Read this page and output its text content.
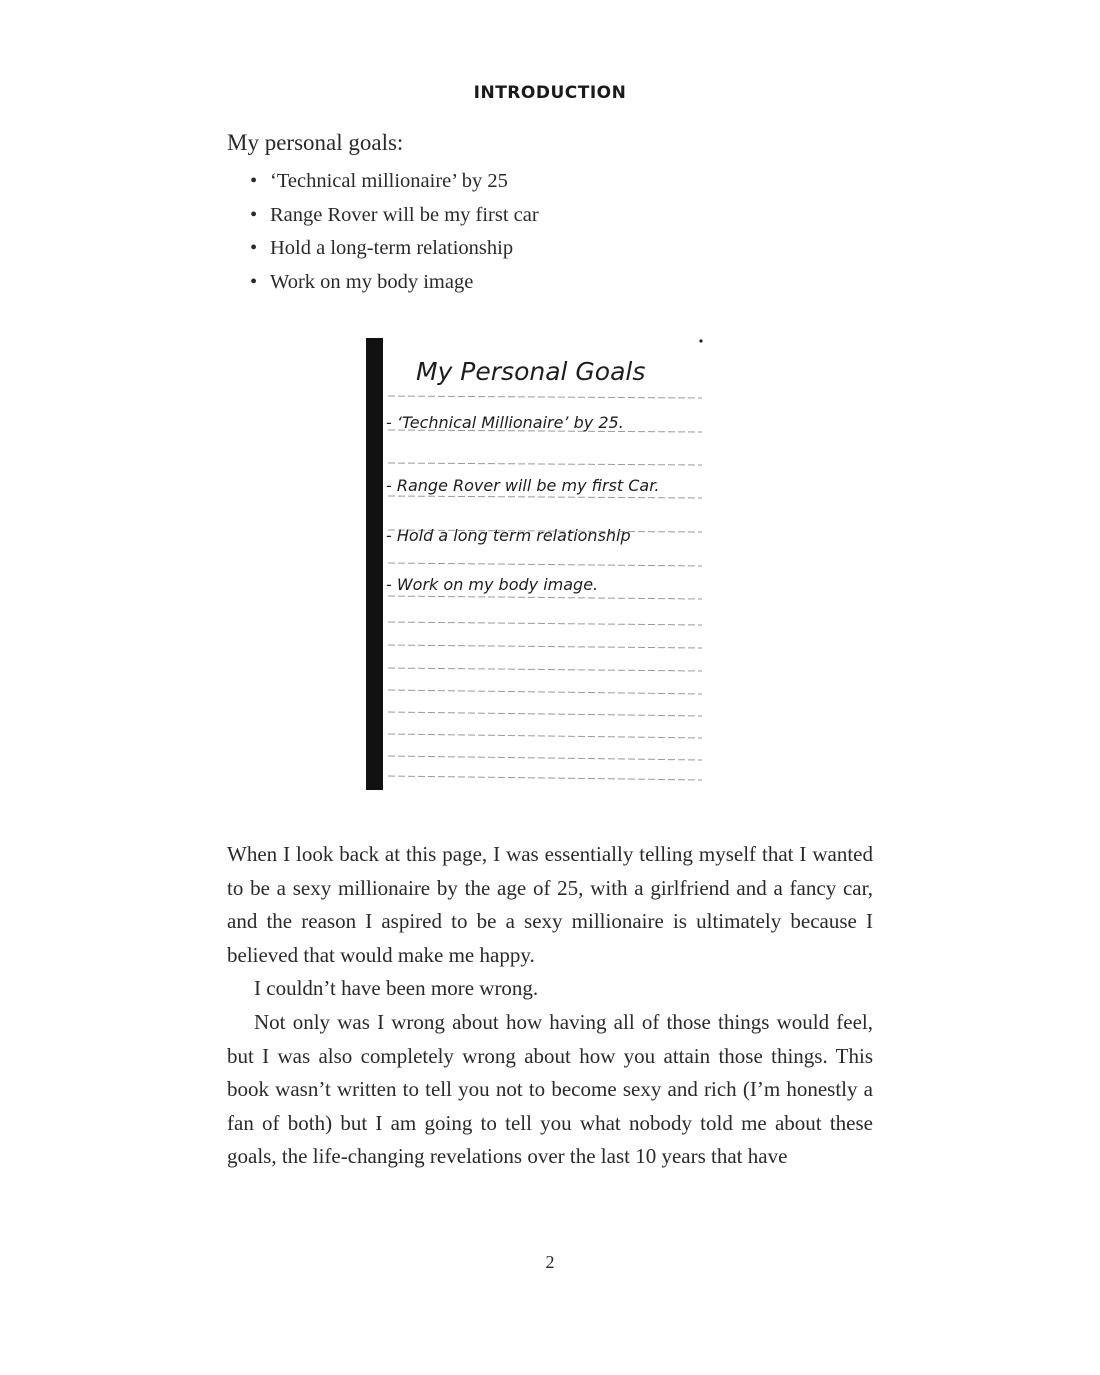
INTRODUCTION
My personal goals:
• ‘Technical millionaire’ by 25
• Range Rover will be my first car
• Hold a long-term relationship
• Work on my body image
My Personal Goals
- ‘Technical Millionaire’ by 25.
- Range Rover will be my first Car.
- Hold a long term relationship
- Work on my body image.

When I look back at this page, I was essentially telling myself that I wanted to be a sexy millionaire by the age of 25, with a girlfriend and a fancy car, and the reason I aspired to be a sexy millionaire is ultimately because I believed that would make me happy.

I couldn’t have been more wrong.

Not only was I wrong about how having all of those things would feel, but I was also completely wrong about how you attain those things. This book wasn’t written to tell you not to become sexy and rich (I’m honestly a fan of both) but I am going to tell you what nobody told me about these goals, the life-changing revelations over the last 10 years that have

2
